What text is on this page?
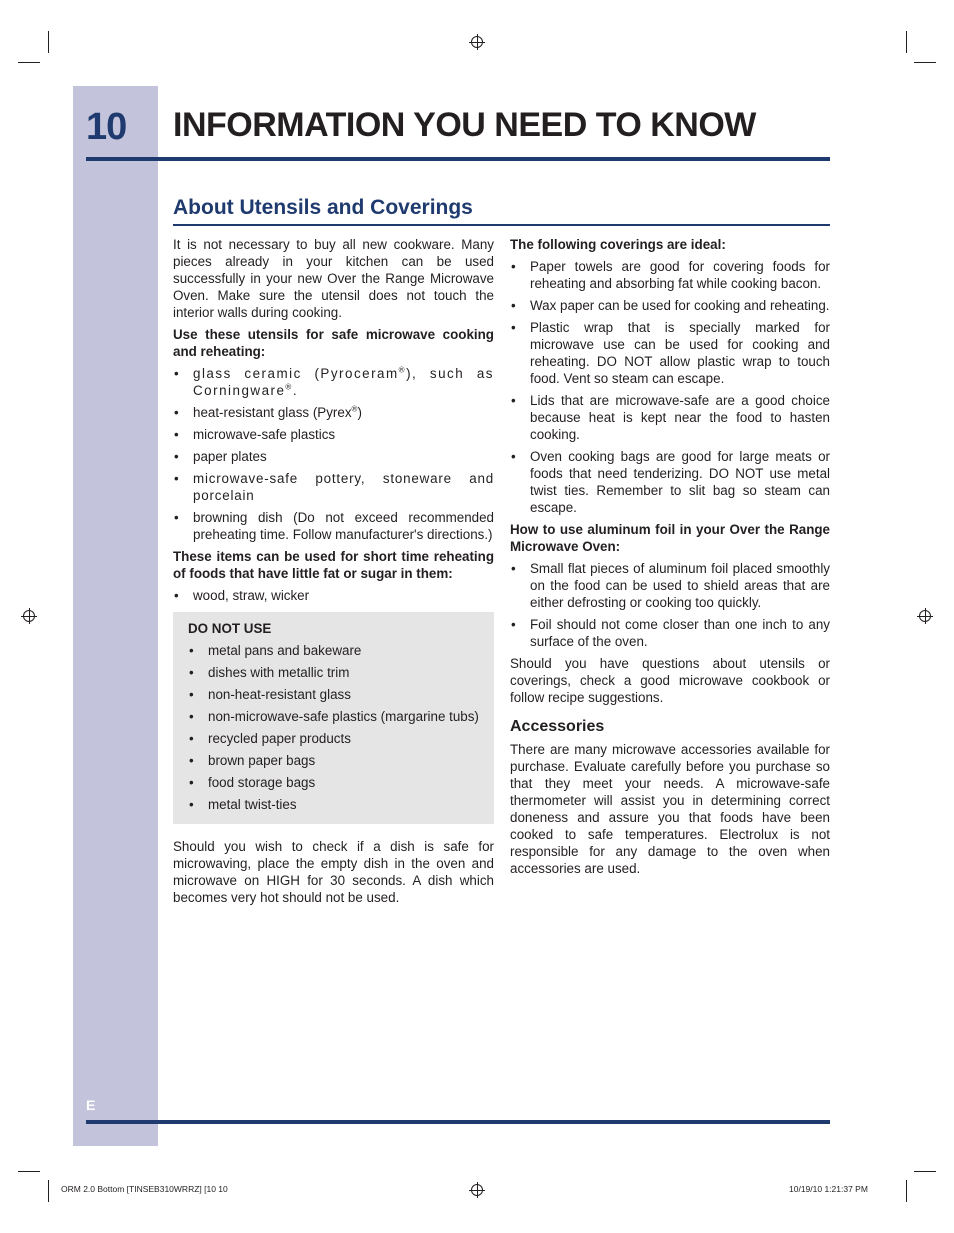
10 INFORMATION YOU NEED TO KNOW
About Utensils and Coverings

It is not necessary to buy all new cookware. Many pieces already in your kitchen can be used successfully in your new Over the Range Microwave Oven. Make sure the utensil does not touch the interior walls during cooking.

Use these utensils for safe microwave cooking and reheating:

• glass ceramic (Pyroceram®), such as Corningware®.
• heat-resistant glass (Pyrex®)
• microwave-safe plastics
• paper plates
• microwave-safe pottery, stoneware and porcelain
• browning dish (Do not exceed recommended preheating time. Follow manufacturer's directions.)

These items can be used for short time reheating of foods that have little fat or sugar in them:

• wood, straw, wicker
DO NOT USE
• metal pans and bakeware
• dishes with metallic trim
• non-heat-resistant glass
• non-microwave-safe plastics (margarine tubs)
• recycled paper products
• brown paper bags
• food storage bags
• metal twist-ties

Should you wish to check if a dish is safe for microwaving, place the empty dish in the oven and microwave on HIGH for 30 seconds. A dish which becomes very hot should not be used.

The following coverings are ideal:

• Paper towels are good for covering foods for reheating and absorbing fat while cooking bacon.
• Wax paper can be used for cooking and reheating.
• Plastic wrap that is specially marked for microwave use can be used for cooking and reheating. DO NOT allow plastic wrap to touch food. Vent so steam can escape.
• Lids that are microwave-safe are a good choice because heat is kept near the food to hasten cooking.
• Oven cooking bags are good for large meats or foods that need tenderizing. DO NOT use metal twist ties. Remember to slit bag so steam can escape.

How to use aluminum foil in your Over the Range Microwave Oven:

• Small flat pieces of aluminum foil placed smoothly on the food can be used to shield areas that are either defrosting or cooking too quickly.
• Foil should not come closer than one inch to any surface of the oven.

Should you have questions about utensils or coverings, check a good microwave cookbook or follow recipe suggestions.

Accessories

There are many microwave accessories available for purchase. Evaluate carefully before you purchase so that they meet your needs. A microwave-safe thermometer will assist you in determining correct doneness and assure you that foods have been cooked to safe temperatures. Electrolux is not responsible for any damage to the oven when accessories are used.

E
ORM 2.0 Bottom [TINSEB310WRRZ] [10 10	10/19/10 1:21:37 PM
